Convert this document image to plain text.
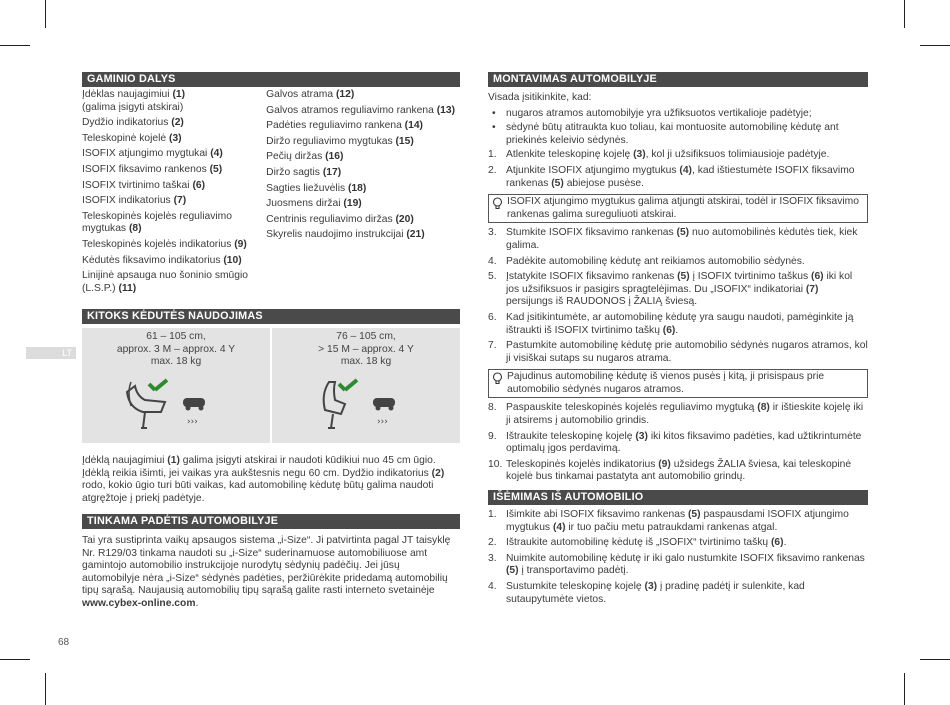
LT
GAMINIO DALYS
Įdėklas naujagimiui (1)
(galima įsigyti atskirai)
Dydžio indikatorius (2)
Teleskopinė kojelė (3)
ISOFIX atjungimo mygtukai (4)
ISOFIX fiksavimo rankenos (5)
ISOFIX tvirtinimo taškai (6)
ISOFIX indikatorius (7)
Teleskopinės kojelės reguliavimo mygtukas (8)
Teleskopinės kojelės indikatorius (9)
Kėdutės fiksavimo indikatorius (10)
Linijinė apsauga nuo šoninio smūgio (L.S.P.) (11)
Galvos atrama (12)
Galvos atramos reguliavimo rankena (13)
Padėties reguliavimo rankena (14)
Diržo reguliavimo mygtukas (15)
Pečių diržas (16)
Diržo sagtis (17)
Sagties liežuvėlis (18)
Juosmens diržai (19)
Centrinis reguliavimo diržas (20)
Skyrelis naudojimo instrukcijai (21)
KITOKS KĖDUTĖS NAUDOJIMAS
61 – 105 cm,
approx. 3 M – approx. 4 Y
max. 18 kg
›››

76 – 105 cm,
> 15 M – approx. 4 Y
max. 18 kg
›››

Įdėklą naujagimiui (1) galima įsigyti atskirai ir naudoti kūdikiui nuo 45 cm ūgio. Įdėklą reikia išimti, jei vaikas yra aukštesnis negu 60 cm. Dydžio indikatorius (2) rodo, kokio ūgio turi būti vaikas, kad automobilinę kėdutę būtų galima naudoti atgręžtoje į priekį padėtyje.

TINKAMA PADĖTIS AUTOMOBILYJE

Tai yra sustiprinta vaikų apsaugos sistema „i-Size“. Ji patvirtinta pagal JT taisyklę Nr. R129/03 tinkama naudoti su „i-Size“ suderinamuose automobiliuose amt gamintojo automobilio instrukcijoje nurodytų sėdynių padėčių. Jei jūsų automobilyje nėra „i-Size“ sėdynės padėties, peržiūrėkite pridedamą automobilių tipų sąrašą. Naujausią automobilių tipų sąrašą galite rasti interneto svetainėje www.cybex-online.com.

MONTAVIMAS AUTOMOBILYJE

Visada įsitikinkite, kad:

• nugaros atramos automobilyje yra užfiksuotos vertikalioje padėtyje;
• sėdynė būtų atitraukta kuo toliau, kai montuosite automobilinę kėdutę ant priekinės keleivio sėdynės.
1. Atlenkite teleskopinę kojelę (3), kol ji užsifiksuos tolimiausioje padėtyje.
2. Atjunkite ISOFIX atjungimo mygtukus (4), kad ištiestumėte ISOFIX fiksavimo rankenas (5) abiejose pusėse.
ISOFIX atjungimo mygtukus galima atjungti atskirai, todėl ir ISOFIX fiksavimo rankenas galima sureguliuoti atskirai.
3. Stumkite ISOFIX fiksavimo rankenas (5) nuo automobilinės kėdutės tiek, kiek galima.
4. Padėkite automobilinę kėdutę ant reikiamos automobilio sėdynės.
5. Įstatykite ISOFIX fiksavimo rankenas (5) į ISOFIX tvirtinimo taškus (6) iki kol jos užsifiksuos ir pasigirs spragtelėjimas. Du „ISOFIX“ indikatoriai (7) persijungs iš RAUDONOS į ŽALIĄ šviesą.
6. Kad įsitikintumėte, ar automobilinę kėdutę yra saugu naudoti, pamėginkite ją ištraukti iš ISOFIX tvirtinimo taškų (6).
7. Pastumkite automobilinę kėdutę prie automobilio sėdynės nugaros atramos, kol ji visiškai sutaps su nugaros atrama.
Pajudinus automobilinę kėdutę iš vienos pusės į kitą, ji prisispaus prie automobilio sėdynės nugaros atramos.
8. Paspauskite teleskopinės kojelės reguliavimo mygtuką (8) ir ištieskite kojelę iki ji atsirems į automobilio grindis.
9. Ištraukite teleskopinę kojelę (3) iki kitos fiksavimo padėties, kad užtikrintumėte optimalų įgos perdavimą.
10. Teleskopinės kojelės indikatorius (9) užsidegs ŽALIA šviesa, kai teleskopinė kojelė bus tinkamai pastatyta ant automobilio grindų.
IŠĖMIMAS IŠ AUTOMOBILIO
1. Išimkite abi ISOFIX fiksavimo rankenas (5) paspausdami ISOFIX atjungimo mygtukus (4) ir tuo pačiu metu patraukdami rankenas atgal.
2. Ištraukite automobilinę kėdutę iš „ISOFIX“ tvirtinimo taškų (6).
3. Nuimkite automobilinę kėdutę ir iki galo nustumkite ISOFIX fiksavimo rankenas (5) į transportavimo padėtį.
4. Sustumkite teleskopinę kojelę (3) į pradinę padėtį ir sulenkite, kad sutaupytumėte vietos.
68
